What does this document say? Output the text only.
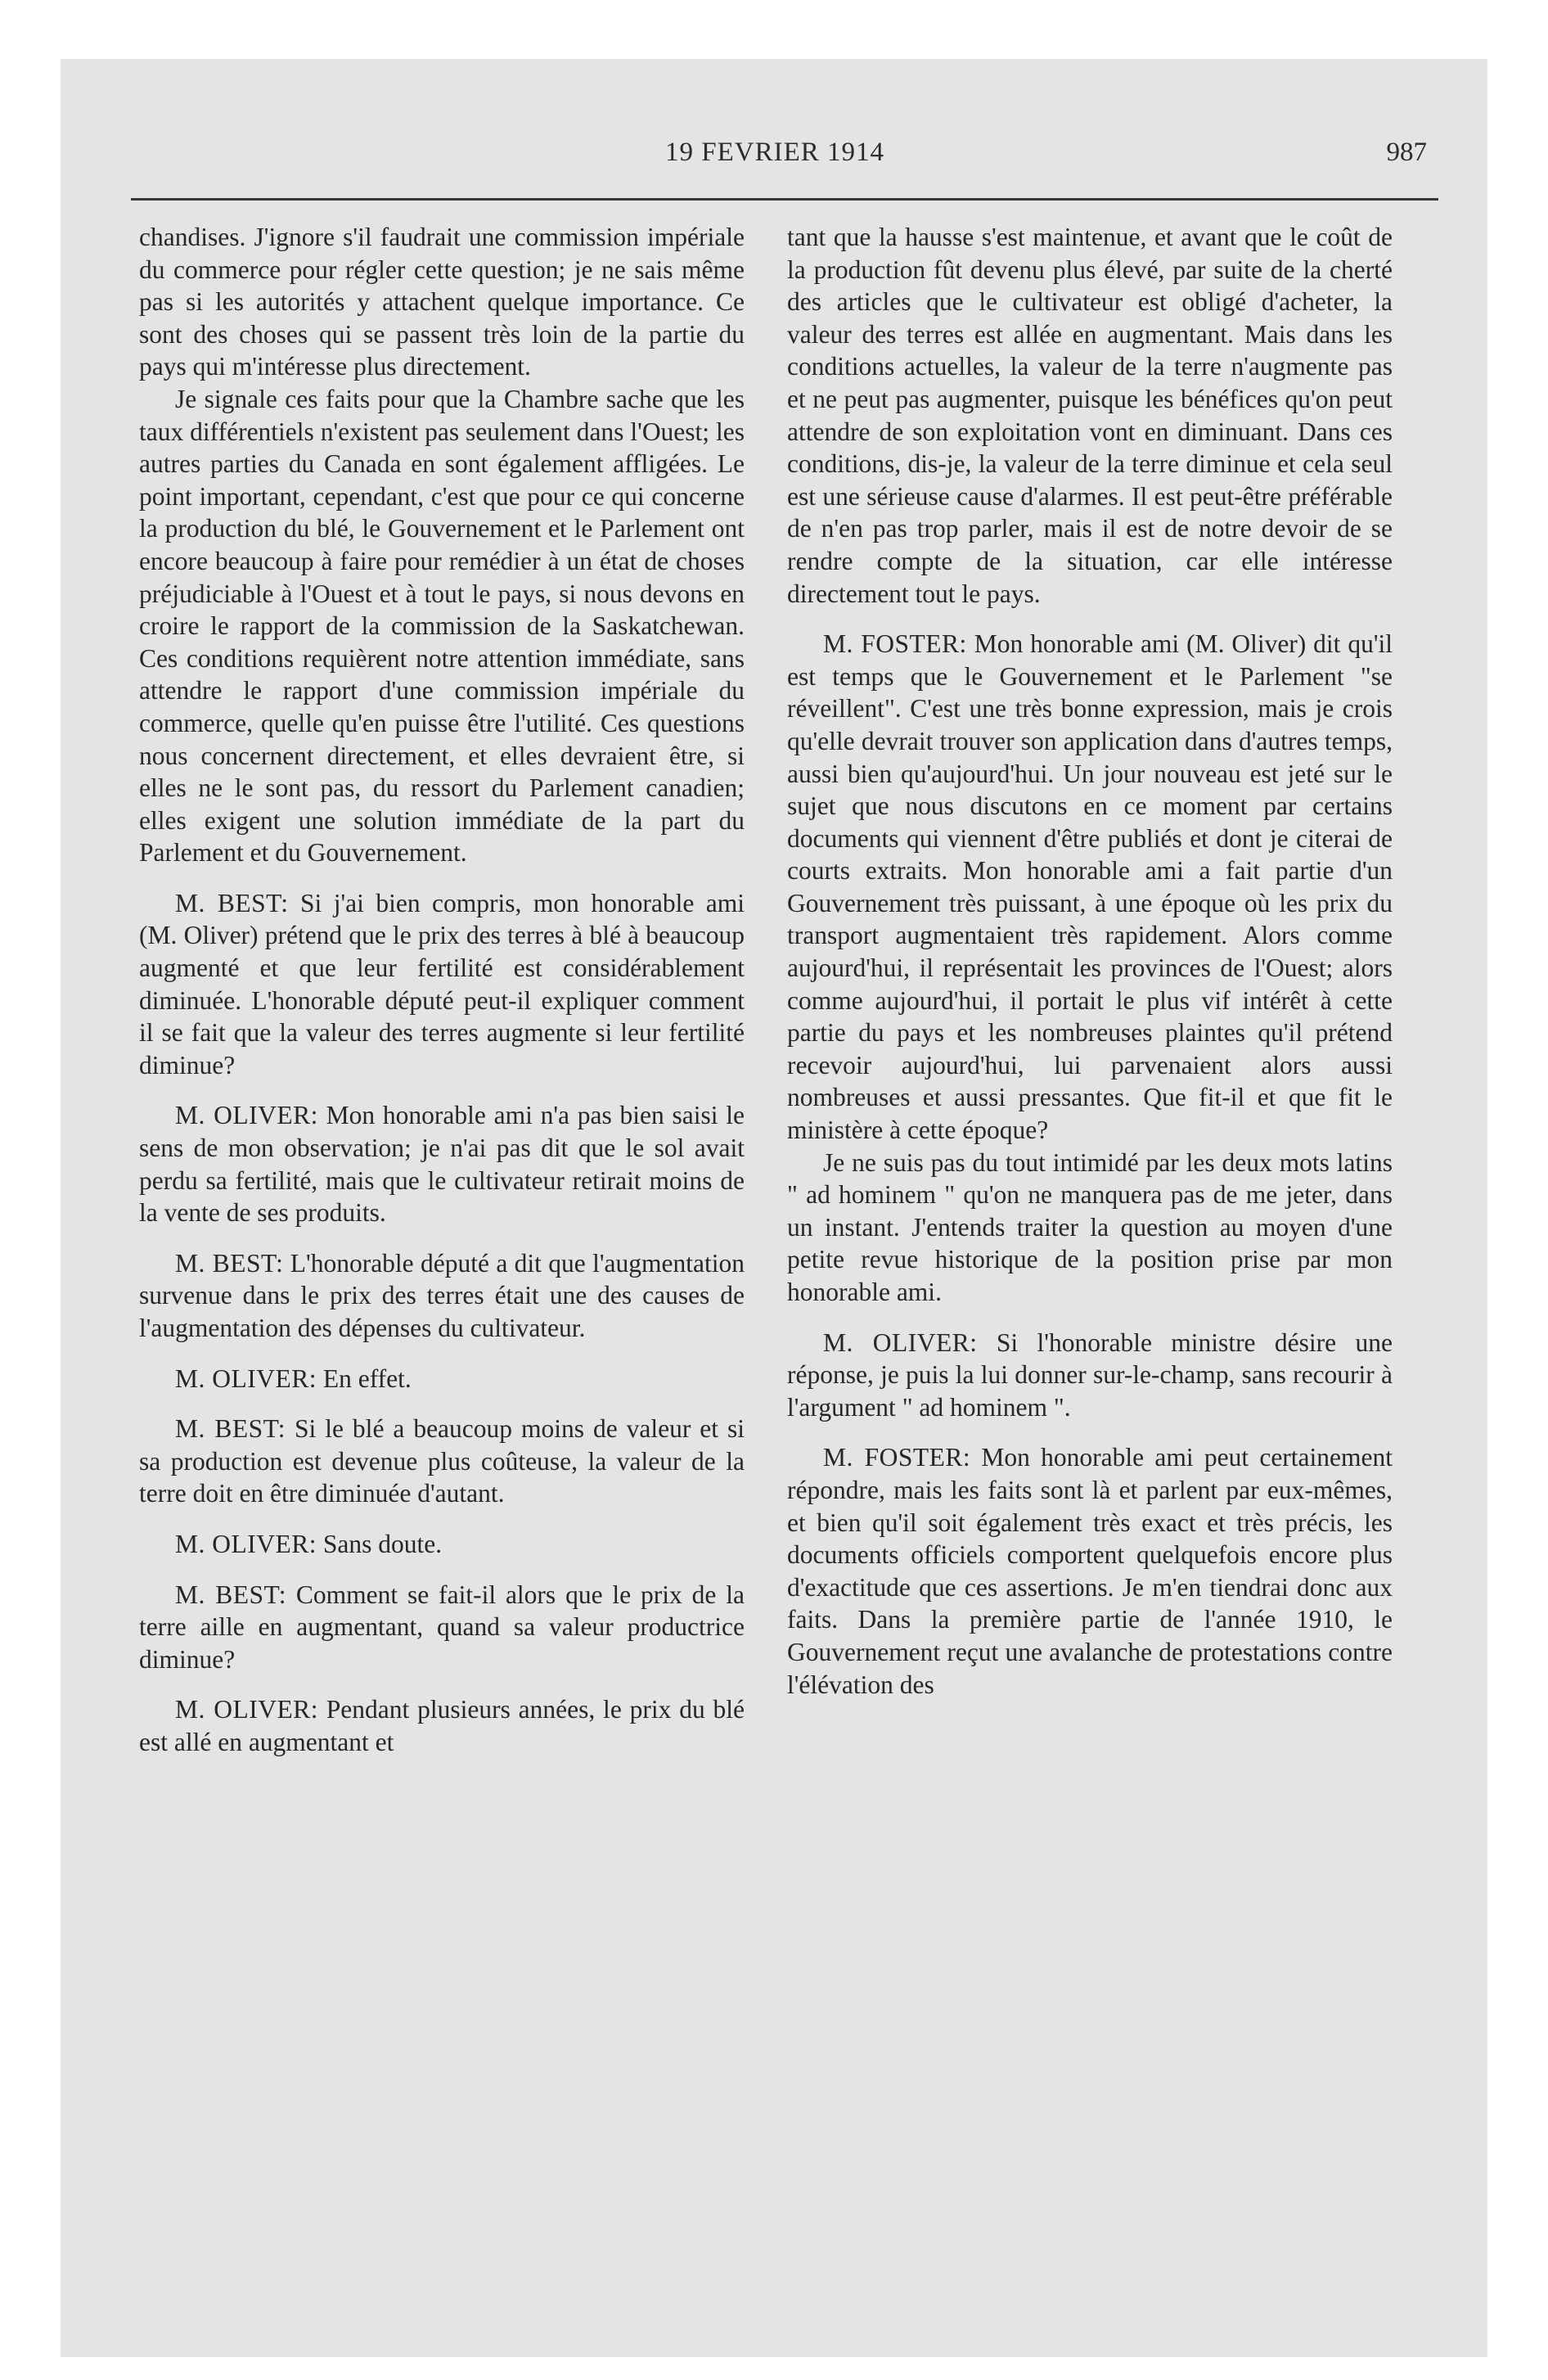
19 FEVRIER 1914	987

chandises. J'ignore s'il faudrait une commission impériale du commerce pour régler cette question; je ne sais même pas si les autorités y attachent quelque importance. Ce sont des choses qui se passent très loin de la partie du pays qui m'intéresse plus directement.

Je signale ces faits pour que la Chambre sache que les taux différentiels n'existent pas seulement dans l'Ouest; les autres parties du Canada en sont également affligées. Le point important, cependant, c'est que pour ce qui concerne la production du blé, le Gouvernement et le Parlement ont encore beaucoup à faire pour remédier à un état de choses préjudiciable à l'Ouest et à tout le pays, si nous devons en croire le rapport de la commission de la Saskatchewan. Ces conditions requièrent notre attention immédiate, sans attendre le rapport d'une commission impériale du commerce, quelle qu'en puisse être l'utilité. Ces questions nous concernent directement, et elles devraient être, si elles ne le sont pas, du ressort du Parlement canadien; elles exigent une solution immédiate de la part du Parlement et du Gouvernement.

M. BEST: Si j'ai bien compris, mon honorable ami (M. Oliver) prétend que le prix des terres à blé à beaucoup augmenté et que leur fertilité est considérablement diminuée. L'honorable député peut-il expliquer comment il se fait que la valeur des terres augmente si leur fertilité diminue?

M. OLIVER: Mon honorable ami n'a pas bien saisi le sens de mon observation; je n'ai pas dit que le sol avait perdu sa fertilité, mais que le cultivateur retirait moins de la vente de ses produits.

M. BEST: L'honorable député a dit que l'augmentation survenue dans le prix des terres était une des causes de l'augmentation des dépenses du cultivateur.

M. OLIVER: En effet.

M. BEST: Si le blé a beaucoup moins de valeur et si sa production est devenue plus coûteuse, la valeur de la terre doit en être diminuée d'autant.

M. OLIVER: Sans doute.

M. BEST: Comment se fait-il alors que le prix de la terre aille en augmentant, quand sa valeur productrice diminue?

M. OLIVER: Pendant plusieurs années, le prix du blé est allé en augmentant et

tant que la hausse s'est maintenue, et avant que le coût de la production fût devenu plus élevé, par suite de la cherté des articles que le cultivateur est obligé d'acheter, la valeur des terres est allée en augmentant. Mais dans les conditions actuelles, la valeur de la terre n'augmente pas et ne peut pas augmenter, puisque les bénéfices qu'on peut attendre de son exploitation vont en diminuant. Dans ces conditions, dis-je, la valeur de la terre diminue et cela seul est une sérieuse cause d'alarmes. Il est peut-être préférable de n'en pas trop parler, mais il est de notre devoir de se rendre compte de la situation, car elle intéresse directement tout le pays.

M. FOSTER: Mon honorable ami (M. Oliver) dit qu'il est temps que le Gouvernement et le Parlement "se réveillent". C'est une très bonne expression, mais je crois qu'elle devrait trouver son application dans d'autres temps, aussi bien qu'aujourd'hui. Un jour nouveau est jeté sur le sujet que nous discutons en ce moment par certains documents qui viennent d'être publiés et dont je citerai de courts extraits. Mon honorable ami a fait partie d'un Gouvernement très puissant, à une époque où les prix du transport augmentaient très rapidement. Alors comme aujourd'hui, il représentait les provinces de l'Ouest; alors comme aujourd'hui, il portait le plus vif intérêt à cette partie du pays et les nombreuses plaintes qu'il prétend recevoir aujourd'hui, lui parvenaient alors aussi nombreuses et aussi pressantes. Que fit-il et que fit le ministère à cette époque?

Je ne suis pas du tout intimidé par les deux mots latins " ad hominem " qu'on ne manquera pas de me jeter, dans un instant. J'entends traiter la question au moyen d'une petite revue historique de la position prise par mon honorable ami.

M. OLIVER: Si l'honorable ministre désire une réponse, je puis la lui donner sur-le-champ, sans recourir à l'argument " ad hominem ".

M. FOSTER: Mon honorable ami peut certainement répondre, mais les faits sont là et parlent par eux-mêmes, et bien qu'il soit également très exact et très précis, les documents officiels comportent quelquefois encore plus d'exactitude que ces assertions. Je m'en tiendrai donc aux faits. Dans la première partie de l'année 1910, le Gouvernement reçut une avalanche de protestations contre l'élévation des
